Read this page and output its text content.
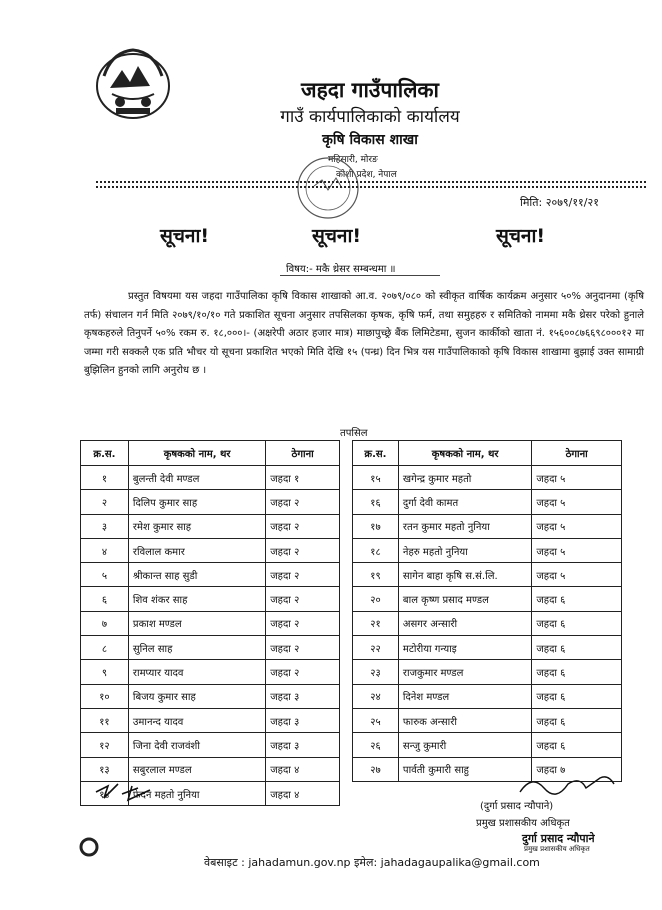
जहदा गाउँपालिका
गाउँ कार्यपालिकाको कार्यालय
कृषि विकास शाखा
महिसारी, मोरङ
कोशी प्रदेश, नेपाल
मिति: २०७९/११/२१
सूचना!	सूचना!	सूचना!
विषय:- मकै थ्रेसर सम्बन्धमा ॥
प्रस्तुत विषयमा यस जहदा गाउँपालिका कृषि विकास शाखाको आ.व. २०७९/०८० को स्वीकृत वार्षिक कार्यक्रम अनुसार ५०% अनुदानमा (कृषि तर्फ) संचालन गर्न मिति २०७९/१०/१० गते प्रकाशित सूचना अनुसार तपसिलका कृषक, कृषि फर्म, तथा समुहहरु र समितिको नाममा मकै थ्रेसर परेको हुनाले कृषकहरुले तिनुपर्ने ५०% रकम रु. १८,०००।- (अक्षरेपी अठार हजार मात्र) माछापुच्छ्रे बैंक लिमिटेडमा, सुजन कार्कीको खाता नं. १५६००८७६६९८०००१२ मा जम्मा गरी सक्कलै एक प्रति भौचर यो सूचना प्रकाशित भएको मिति देखि १५ (पन्ध्र) दिन भित्र यस गाउँपालिकाको कृषि विकास शाखामा बुझाई उक्त सामाग्री बुझिलिन हुनको लागि अनुरोध छ ।
तपसिल
क्र.स.	कृषकको नाम, थर	ठेगाना
१	बुलन्ती देवी मण्डल	जहदा १
२	दिलिप कुमार साह	जहदा २
३	रमेश कुमार साह	जहदा २
४	रविलाल कमार	जहदा २
५	श्रीकान्त साह सुडी	जहदा २
६	शिव शंकर साह	जहदा २
७	प्रकाश मण्डल	जहदा २
८	सुनिल साह	जहदा २
९	रामप्यार यादव	जहदा २
१०	बिजय कुमार साह	जहदा ३
११	उमानन्द यादव	जहदा ३
१२	जिना देवी राजवंशी	जहदा ३
१३	सबुरलाल मण्डल	जहदा ४
१४	फेदन महतो नुनिया	जहदा ४
क्र.स.	कृषकको नाम, थर	ठेगाना
१५	खगेन्द्र कुमार महतो	जहदा ५
१६	दुर्गा देवी कामत	जहदा ५
१७	रतन कुमार महतो नुनिया	जहदा ५
१८	नेहरु महतो नुनिया	जहदा ५
१९	सागेन बाहा कृषि स.सं.लि.	जहदा ५
२०	बाल कृष्ण प्रसाद मण्डल	जहदा ६
२१	असगर अन्सारी	जहदा ६
२२	मटोरीया गन्याइ	जहदा ६
२३	राजकुमार मण्डल	जहदा ६
२४	दिनेश मण्डल	जहदा ६
२५	फारुक अन्सारी	जहदा ६
२६	सन्जु कुमारी	जहदा ६
२७	पार्वती कुमारी साहु	जहदा ७
(दुर्गा प्रसाद न्यौपाने)
प्रमुख प्रशासकीय अधिकृत
दुर्गा प्रसाद न्यौपाने
प्रमुख प्रशासकीय अधिकृत
वेबसाइट : jahadamun.gov.np इमेल: jahadagaupalika@gmail.com
